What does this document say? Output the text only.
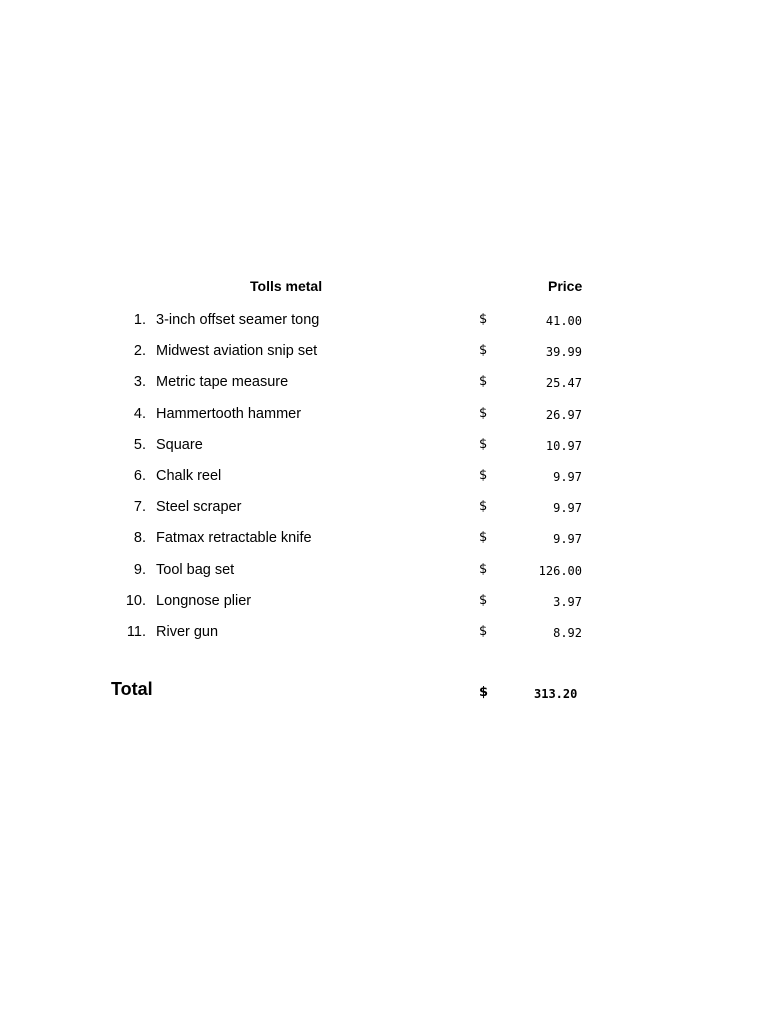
Tolls metal	Price
1. 3-inch offset seamer tong	$	41.00
2. Midwest aviation snip set	$	39.99
3. Metric tape measure	$	25.47
4. Hammertooth hammer	$	26.97
5. Square	$	10.97
6. Chalk reel	$	9.97
7. Steel scraper	$	9.97
8. Fatmax retractable knife	$	9.97
9. Tool bag set	$	126.00
10. Longnose plier	$	3.97
11. River gun	$	8.92
Total	$	313.20
